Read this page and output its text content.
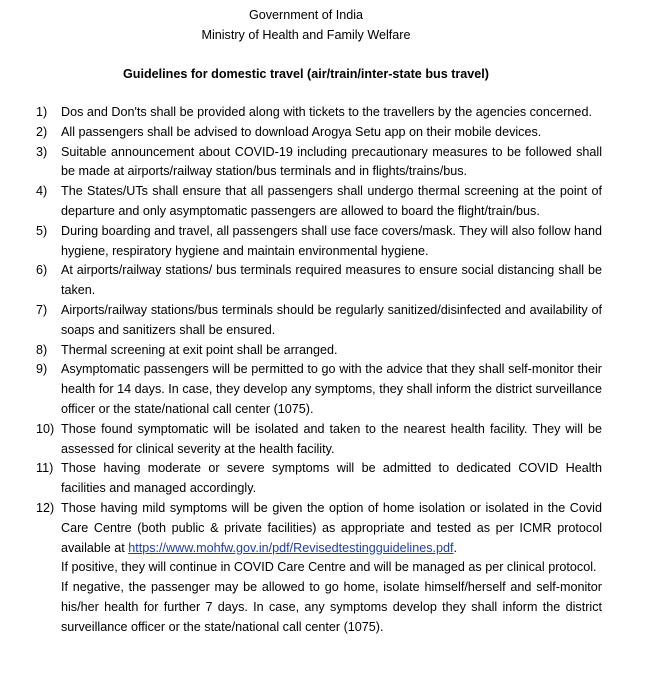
Government of India
Ministry of Health and Family Welfare
Guidelines for domestic travel (air/train/inter-state bus travel)
1) Dos and Don'ts shall be provided along with tickets to the travellers by the agencies concerned.
2) All passengers shall be advised to download Arogya Setu app on their mobile devices.
3) Suitable announcement about COVID-19 including precautionary measures to be followed shall be made at airports/railway station/bus terminals and in flights/trains/bus.
4) The States/UTs shall ensure that all passengers shall undergo thermal screening at the point of departure and only asymptomatic passengers are allowed to board the flight/train/bus.
5) During boarding and travel, all passengers shall use face covers/mask. They will also follow hand hygiene, respiratory hygiene and maintain environmental hygiene.
6) At airports/railway stations/ bus terminals required measures to ensure social distancing shall be taken.
7) Airports/railway stations/bus terminals should be regularly sanitized/disinfected and availability of soaps and sanitizers shall be ensured.
8) Thermal screening at exit point shall be arranged.
9) Asymptomatic passengers will be permitted to go with the advice that they shall self-monitor their health for 14 days. In case, they develop any symptoms, they shall inform the district surveillance officer or the state/national call center (1075).
10) Those found symptomatic will be isolated and taken to the nearest health facility. They will be assessed for clinical severity at the health facility.
11) Those having moderate or severe symptoms will be admitted to dedicated COVID Health facilities and managed accordingly.
12) Those having mild symptoms will be given the option of home isolation or isolated in the Covid Care Centre (both public & private facilities) as appropriate and tested as per ICMR protocol available at https://www.mohfw.gov.in/pdf/Revisedtestingguidelines.pdf.
If positive, they will continue in COVID Care Centre and will be managed as per clinical protocol.
If negative, the passenger may be allowed to go home, isolate himself/herself and self-monitor his/her health for further 7 days. In case, any symptoms develop they shall inform the district surveillance officer or the state/national call center (1075).
